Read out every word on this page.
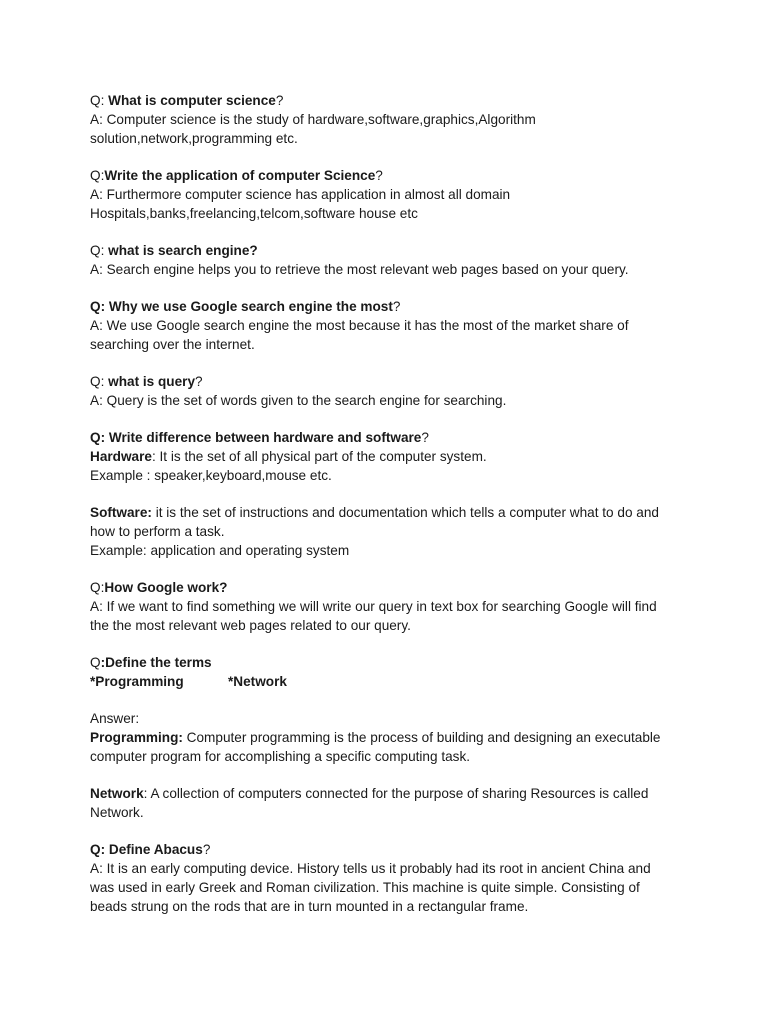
Q: What is computer science?
A: Computer science is the study of hardware,software,graphics,Algorithm
solution,network,programming etc.
Q:Write the application of computer Science?
A: Furthermore computer science has application in almost all domain
Hospitals,banks,freelancing,telcom,software house etc
Q: what is search engine?
A: Search engine helps you to retrieve the most relevant web pages based on your query.
Q: Why we use Google search engine the most?
A: We use Google search engine the most because it has the most of the market share of
searching over the internet.
Q: what is query?
A: Query is the set of words given to the search engine for searching.
Q: Write difference between hardware and software?
Hardware: It is the set of all physical part of the computer system.
Example : speaker,keyboard,mouse etc.
Software: it is the set of instructions and documentation which tells a computer what to do and
how to perform a task.
Example: application and operating system
Q:How Google work?
A: If we want to find something we will write our query in text box for searching Google will find
the the most relevant web pages related to our query.
Q:Define the terms
*Programming	*Network
Answer:
Programming: Computer programming is the process of building and designing an executable
computer program for accomplishing a specific computing task.
Network: A collection of computers connected for the purpose of sharing Resources is called
Network.
Q: Define Abacus?
A: It is an early computing device. History tells us it probably had its root in ancient China and
was used in early Greek and Roman civilization. This machine is quite simple. Consisting of
beads strung on the rods that are in turn mounted in a rectangular frame.
